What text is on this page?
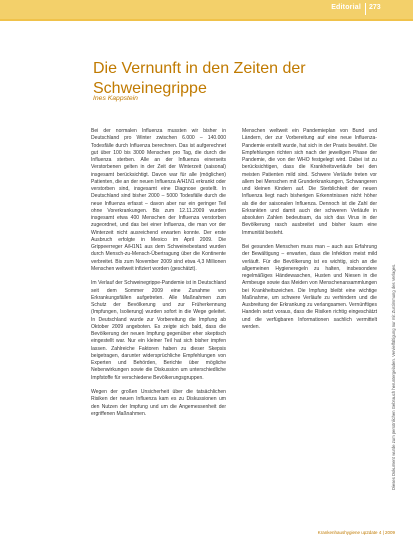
Editorial 273
Die Vernunft in den Zeiten der Schweinegrippe
Ines Kappstein

Bei der normalen Influenza mussten wir bisher in Deutschland pro Winter zwischen 6.000 – 140.000 Todesfälle durch Influenza berechnen. Das ist aufgerechnet gut über 100 bis 3000 Menschen pro Tag, die durch die Influenza sterben. Alle an der Influenza einerseits Verstorbenen gelten in der Zeit der Winterzeit (saisonal) insgesamt berücksichtigt. Davon war für alle (möglichen) Patienten, die an der neuen Influenza A/H1N1 erkrankt oder verstorben sind, insgesamt eine Diagnose gestellt. In Deutschland sind bisher 2000 – 5000 Todesfälle durch die neue Influenza erfasst – davon aber nur ein geringer Teil ohne Vorerkrankungen. Bis zum 12.11.2009 wurden insgesamt etwa 400 Menschen der Influenza verstorben zugeordnet, und das bei einer Influenza, die man vor der Winterzeit nicht ausreichend erwarten konnte. Der erste Ausbruch erfolgte in Mexico im April 2009. Die Grippeerreger A/H1N1 aus dem Schweinebestand wurden durch Mensch-zu-Mensch-Übertragung über die Kontinente verbreitet. Bis zum November 2009 sind etwa 4,3 Millionen Menschen weltweit infiziert worden (geschätzt).

Im Verlauf der Schweinegrippe-Pandemie ist in Deutschland seit dem Sommer 2009 eine Zunahme von Erkrankungsfällen aufgetreten. Alle Maßnahmen zum Schutz der Bevölkerung und zur Früherkennung (Impfungen, Isolierung) wurden sofort in die Wege geleitet. In Deutschland wurde zur Vorbereitung die Impfung ab Oktober 2009 angeboten. Es zeigte sich bald, dass die Bevölkerung der neuen Impfung gegenüber eher skeptisch eingestellt war. Nur ein kleiner Teil hat sich bisher impfen lassen. Zahlreiche Faktoren haben zu dieser Skepsis beigetragen, darunter widersprüchliche Empfehlungen von Experten und Behörden, Berichte über mögliche Nebenwirkungen sowie die Diskussion um unterschiedliche Impfstoffe für verschiedene Bevölkerungsgruppen.

Wegen der großen Unsicherheit über die tatsächlichen Risiken der neuen Influenza kam es zu Diskussionen um den Nutzen der Impfung und um die Angemessenheit der ergriffenen Maßnahmen.

Menschen weltweit ein Pandemieplan von Bund und Ländern, der zur Vorbereitung auf eine neue Influenza-Pandemie erstellt wurde, hat sich in der Praxis bewährt. Die Empfehlungen richten sich nach der jeweiligen Phase der Pandemie, die von der WHO festgelegt wird. Dabei ist zu berücksichtigen, dass die Krankheitsverläufe bei den meisten Patienten mild sind. Schwere Verläufe treten vor allem bei Menschen mit Grunderkrankungen, Schwangeren und kleinen Kindern auf. Die Sterblichkeit der neuen Influenza liegt nach bisherigen Erkenntnissen nicht höher als die der saisonalen Influenza. Dennoch ist die Zahl der Erkrankten und damit auch der schweren Verläufe in absoluten Zahlen bedeutsam, da sich das Virus in der Bevölkerung rasch ausbreitet und bisher kaum eine Immunität besteht.

Bei gesunden Menschen muss man – auch aus Erfahrung der Bewältigung – erwarten, dass die Infektion meist mild verläuft. Für die Bevölkerung ist es wichtig, sich an die allgemeinen Hygieneregeln zu halten, insbesondere regelmäßiges Händewaschen, Husten und Niesen in die Armbeuge sowie das Meiden von Menschenansammlungen bei Krankheitszeichen. Die Impfung bleibt eine wichtige Maßnahme, um schwere Verläufe zu verhindern und die Ausbreitung der Erkrankung zu verlangsamen. Vernünftiges Handeln setzt voraus, dass die Risiken richtig eingeschätzt und die verfügbaren Informationen sachlich vermittelt werden.	Dieses Dokument wurde zum persönlichen Gebrauch heruntergeladen. Vervielfältigung nur mit Zustimmung des Verlages.
Krankenhaushygiene up2date 4 | 2009
